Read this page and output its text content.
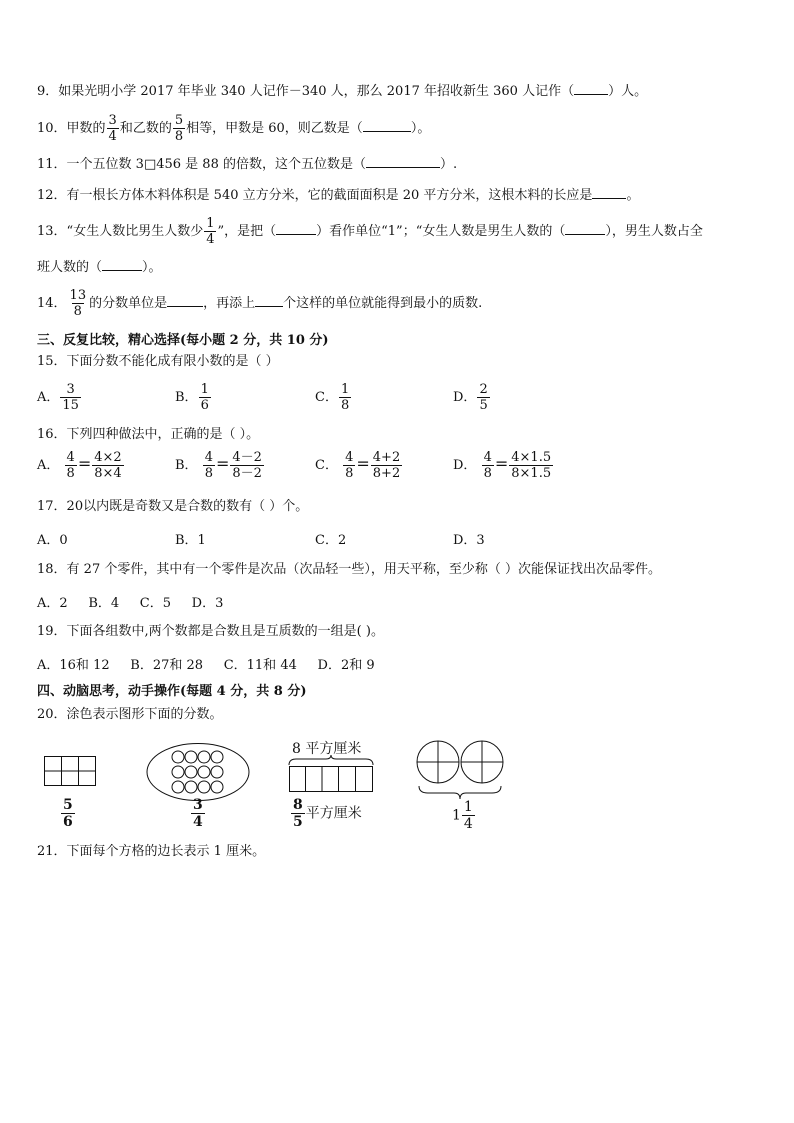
9．如果光明小学 2017 年毕业 340 人记作－340 人，那么 2017 年招收新生 360 人记作（	）人。
10．甲数的 $\frac{3}{4}$ 和乙数的 $\frac{5}{8}$ 相等，甲数是 60，则乙数是（	）。
11．一个五位数 3□456 是 88 的倍数，这个五位数是（	）.
12．有一根长方体木料体积是 540 立方分米，它的截面面积是 20 平方分米，这根木料的长应是	。
13．“女生人数比男生人数少 $\frac{1}{4}$ ”，是把（	）看作单位“1”；“女生人数是男生人数的（	），男生人数占全
班人数的（	）。
14． $\frac{13}{8}$ 的分数单位是	，再添上 个这样的单位就能得到最小的质数.
三、反复比较，精心选择(每小题 2 分，共 10 分)
15．下面分数不能化成有限小数的是（ ）
A． $\frac{3}{15}$	B． $\frac{1}{6}$	C． $\frac{1}{8}$	D． $\frac{2}{5}$
16．下列四种做法中，正确的是（ ）。
A． $\frac{4}{8} = \frac{4\times 2}{8\times 4}$	B． $\frac{4}{8} = \frac{4-2}{8-2}$	C． $\frac{4}{8} = \frac{4+2}{8+2}$	D． $\frac{4}{8} = \frac{4\times 1.5}{8\times 1.5}$
17．20以内既是奇数又是合数的数有（ ）个。
A．0	B．1	C．2	D．3
18．有 27 个零件，其中有一个零件是次品（次品轻一些），用天平称，至少称（ ）次能保证找出次品零件。
A．2     B．4     C．5     D．3
19．下面各组数中,两个数都是合数且是互质数的一组是( )。
A．16和 12     B．27和 28     C．11和 44     D．2和 9
四、动脑思考，动手操作(每题 4 分，共 8 分)
20．涂色表示图形下面的分数。
$\frac{5}{6}$	$\frac{3}{4}$
8 平方厘米
$\frac{8}{5}$ 平方厘米	$1 \frac{1}{4}$
21．下面每个方格的边长表示 1 厘米。
